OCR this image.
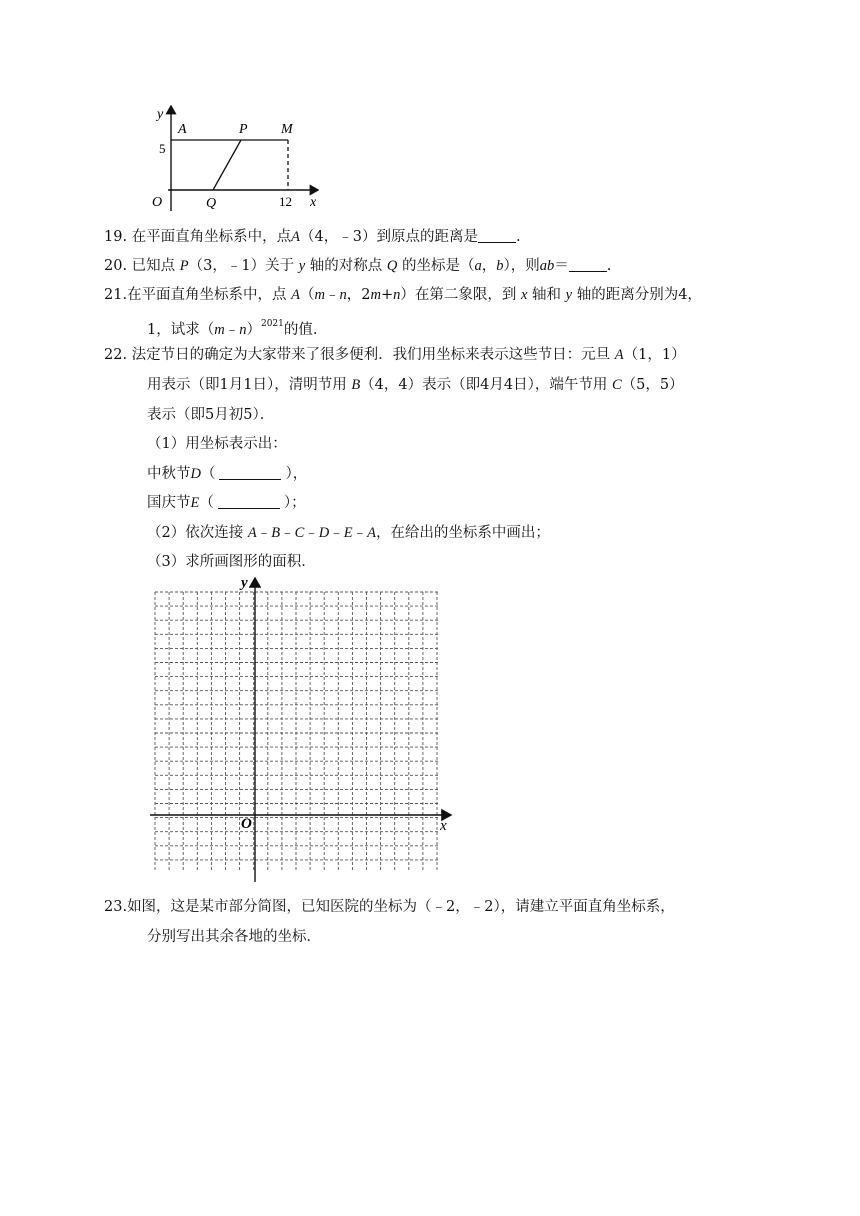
y
A	P M
5
O	Q	12 x
19. 在平面直角坐标系中，点A（4，﹣3）到原点的距离是	.
20. 已知点 P（3，﹣1）关于 y 轴的对称点 Q 的坐标是（a，b），则ab＝	.
21.在平面直角坐标系中，点 A（m﹣n，2m+n）在第二象限，到 x 轴和 y 轴的距离分别为4，
1，试求（m﹣n）$^{2021}$的值.
22. 法定节日的确定为大家带来了很多便利．我们用坐标来表示这些节日：元旦 A（1，1）
用表示（即1月1日），清明节用 B（4，4）表示（即4月4日），端午节用 C（5，5）
表示（即5月初5）．
（1）用坐标表示出：
中秋节D（	），
国庆节E（	）；
（2）依次连接 A﹣B﹣C﹣D﹣E﹣A，在给出的坐标系中画出；
（3）求所画图形的面积．
y
O	x
23.如图，这是某市部分简图，已知医院的坐标为（﹣2，﹣2），请建立平面直角坐标系，
分别写出其余各地的坐标．
